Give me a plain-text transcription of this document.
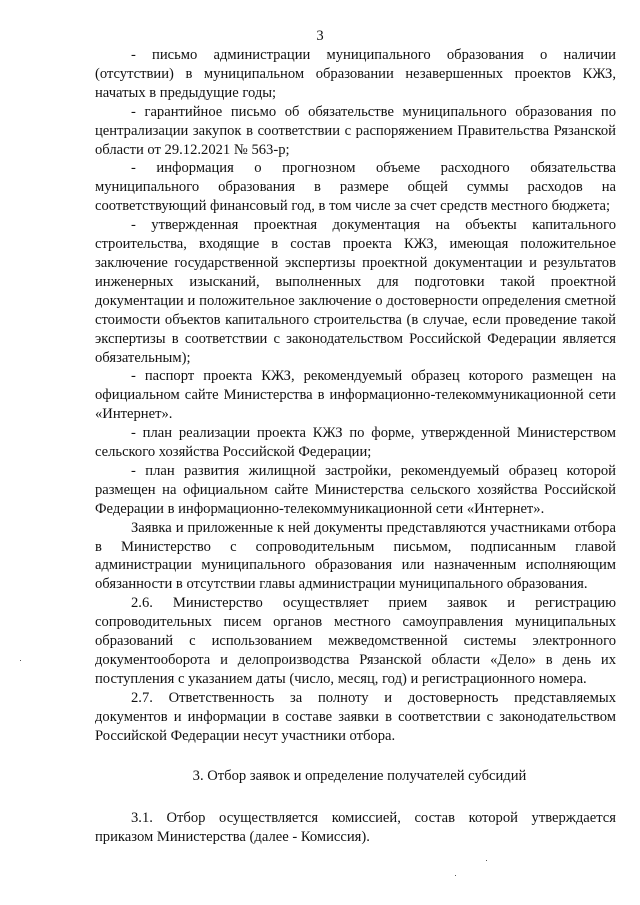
3

- письмо администрации муниципального образования о наличии (отсутствии) в муниципальном образовании незавершенных проектов КЖЗ, начатых в предыдущие годы;

- гарантийное письмо об обязательстве муниципального образования по централизации закупок в соответствии с распоряжением Правительства Рязанской области от 29.12.2021 № 563-р;

- информация о прогнозном объеме расходного обязательства муниципального образования в размере общей суммы расходов на соответствующий финансовый год, в том числе за счет средств местного бюджета;

- утвержденная проектная документация на объекты капитального строительства, входящие в состав проекта КЖЗ, имеющая положительное заключение государственной экспертизы проектной документации и результатов инженерных изысканий, выполненных для подготовки такой проектной документации и положительное заключение о достоверности определения сметной стоимости объектов капитального строительства (в случае, если проведение такой экспертизы в соответствии с законодательством Российской Федерации является обязательным);

- паспорт проекта КЖЗ, рекомендуемый образец которого размещен на официальном сайте Министерства в информационно-телекоммуникационной сети «Интернет».

- план реализации проекта КЖЗ по форме, утвержденной Министерством сельского хозяйства Российской Федерации;

- план развития жилищной застройки, рекомендуемый образец которой размещен на официальном сайте Министерства сельского хозяйства Российской Федерации в информационно-телекоммуникационной сети «Интернет».

Заявка и приложенные к ней документы представляются участниками отбора в Министерство с сопроводительным письмом, подписанным главой администрации муниципального образования или назначенным исполняющим обязанности в отсутствии главы администрации муниципального образования.

2.6. Министерство осуществляет прием заявок и регистрацию сопроводительных писем органов местного самоуправления муниципальных образований с использованием межведомственной системы электронного документооборота и делопроизводства Рязанской области «Дело» в день их поступления с указанием даты (число, месяц, год) и регистрационного номера.

2.7. Ответственность за полноту и достоверность представляемых документов и информации в составе заявки в соответствии с законодательством Российской Федерации несут участники отбора.

3. Отбор заявок и определение получателей субсидий

3.1. Отбор осуществляется комиссией, состав которой утверждается приказом Министерства (далее - Комиссия).
